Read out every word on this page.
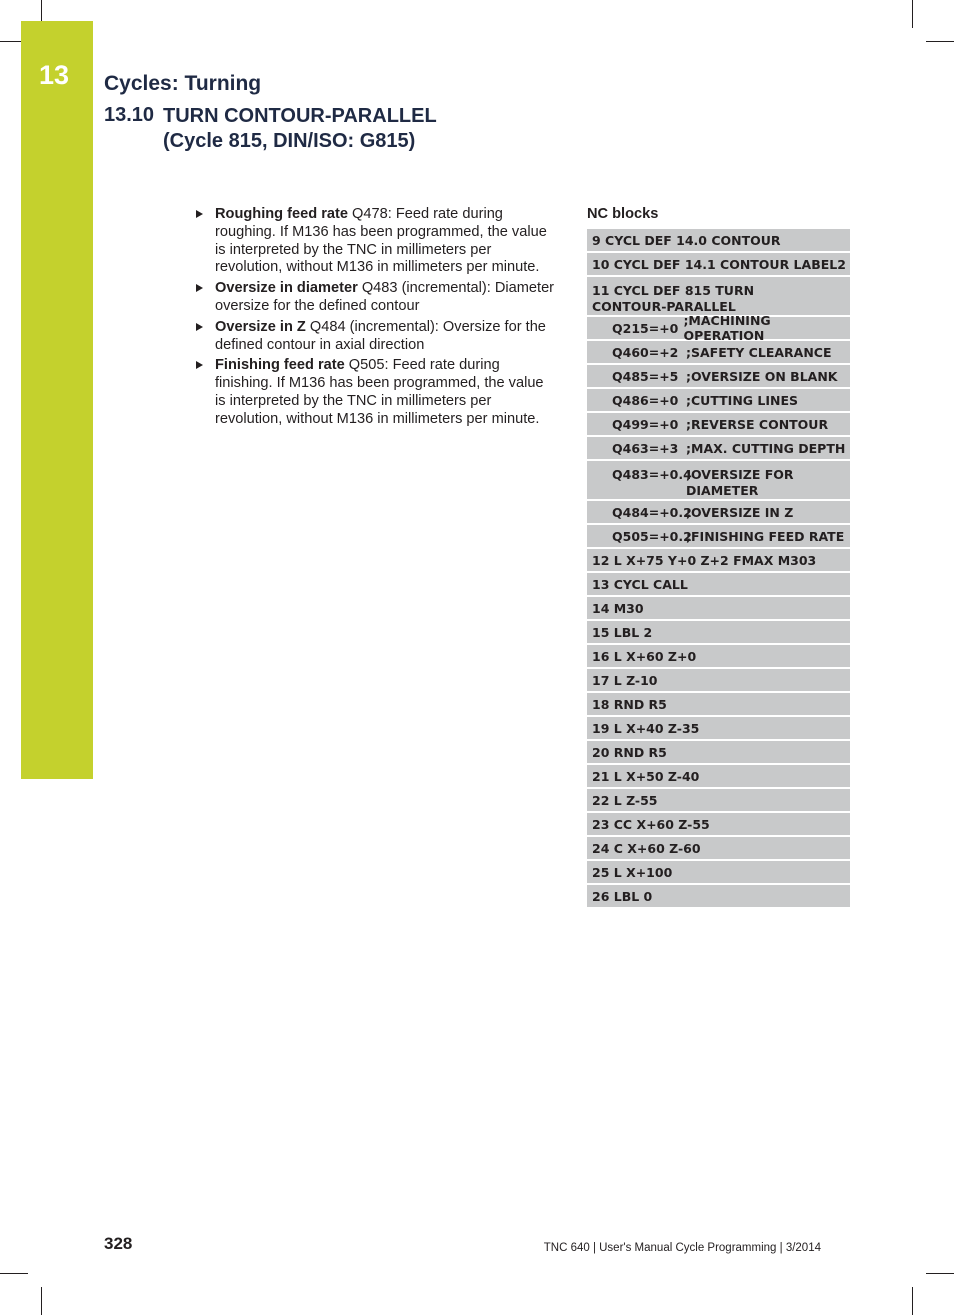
13	Cycles: Turning
13.10 TURN CONTOUR-PARALLEL
(Cycle 815, DIN/ISO: G815)
Roughing feed rate Q478: Feed rate during roughing. If M136 has been programmed, the value is interpreted by the TNC in millimeters per revolution, without M136 in millimeters per minute.
Oversize in diameter Q483 (incremental): Diameter oversize for the defined contour
Oversize in Z Q484 (incremental): Oversize for the defined contour in axial direction
Finishing feed rate Q505: Feed rate during finishing. If M136 has been programmed, the value is interpreted by the TNC in millimeters per revolution, without M136 in millimeters per minute.
NC blocks
9 CYCL DEF 14.0 CONTOUR
10 CYCL DEF 14.1 CONTOUR LABEL2
11 CYCL DEF 815 TURN CONTOUR-PARALLEL
Q215=+0 ;MACHINING OPERATION
Q460=+2 ;SAFETY CLEARANCE
Q485=+5 ;OVERSIZE ON BLANK
Q486=+0 ;CUTTING LINES
Q499=+0 ;REVERSE CONTOUR
Q463=+3 ;MAX. CUTTING DEPTH
Q483=+0.4
;OVERSIZE FOR DIAMETER
Q484=+0.2
;OVERSIZE IN Z
Q505=+0.2
;FINISHING FEED RATE
12 L X+75 Y+0 Z+2 FMAX M303
13 CYCL CALL
14 M30
15 LBL 2
16 L X+60 Z+0
17 L Z-10
18 RND R5
19 L X+40 Z-35
20 RND R5
21 L X+50 Z-40
22 L Z-55
23 CC X+60 Z-55
24 C X+60 Z-60
25 L X+100
26 LBL 0
328	TNC 640 | User's Manual Cycle Programming | 3/2014
